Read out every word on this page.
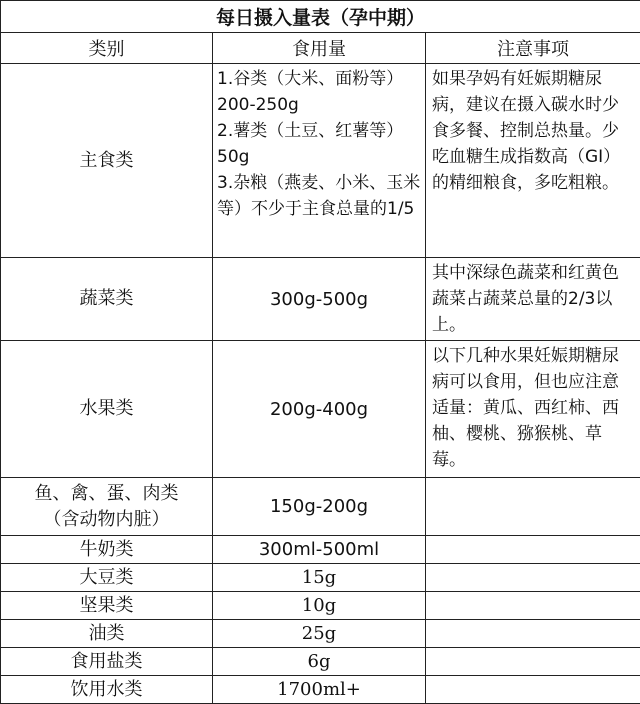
每日摄入量表（孕中期）		
类别	食用量	注意事项
主食类	1.谷类（大米、面粉等）200-250g
2.薯类（土豆、红薯等）50g
3.杂粮（燕麦、小米、玉米等）不少于主食总量的1/5	如果孕妈有妊娠期糖尿病，建议在摄入碳水时少食多餐、控制总热量。少吃血糖生成指数高（GI）的精细粮食，多吃粗粮。
蔬菜类	300g-500g	其中深绿色蔬菜和红黄色蔬菜占蔬菜总量的2/3以上。
水果类	200g-400g	以下几种水果妊娠期糖尿病可以食用，但也应注意适量：黄瓜、西红柿、西柚、樱桃、猕猴桃、草莓。

鱼、禽、蛋、肉类
（含动物内脏）	150g-200g	
牛奶类	300ml-500ml	
大豆类	15g	
坚果类	10g	
油类	25g	
食用盐类	6g	
饮用水类	1700ml+	
